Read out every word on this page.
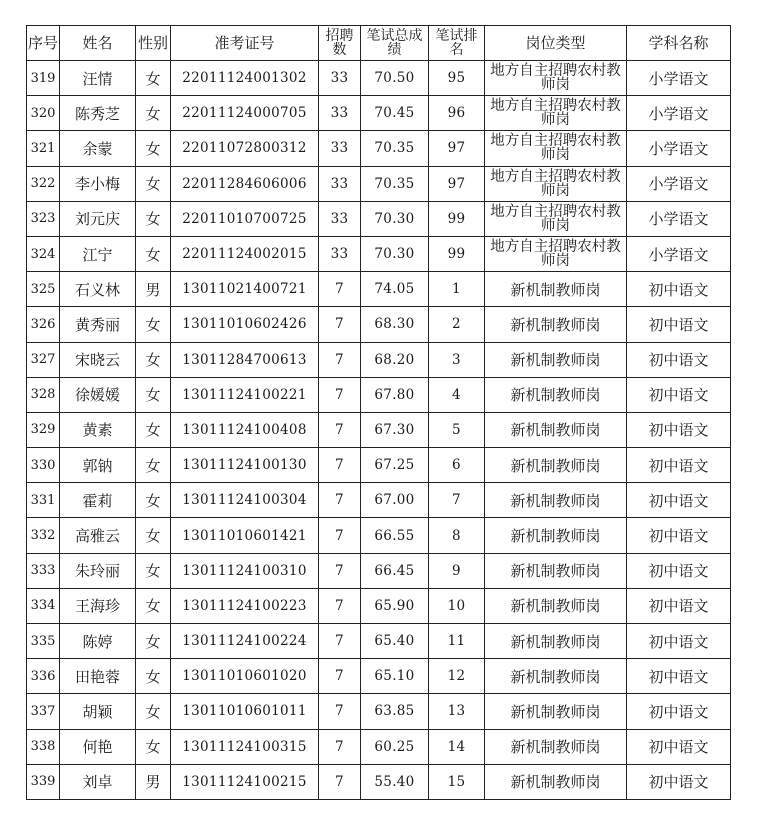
序号	姓名	性别	准考证号	招聘数	笔试总成绩	笔试排名	岗位类型	学科名称
319	汪情	女	22011124001302	33	70.50	95	地方自主招聘农村教师岗	小学语文
320	陈秀芝	女	22011124000705	33	70.45	96	地方自主招聘农村教师岗	小学语文
321	余蒙	女	22011072800312	33	70.35	97	地方自主招聘农村教师岗	小学语文
322	李小梅	女	22011284606006	33	70.35	97	地方自主招聘农村教师岗	小学语文
323	刘元庆	女	22011010700725	33	70.30	99	地方自主招聘农村教师岗	小学语文
324	江宁	女	22011124002015	33	70.30	99	地方自主招聘农村教师岗	小学语文
325	石义林	男	13011021400721	7	74.05	1	新机制教师岗	初中语文
326	黄秀丽	女	13011010602426	7	68.30	2	新机制教师岗	初中语文
327	宋晓云	女	13011284700613	7	68.20	3	新机制教师岗	初中语文
328	徐媛媛	女	13011124100221	7	67.80	4	新机制教师岗	初中语文
329	黄素	女	13011124100408	7	67.30	5	新机制教师岗	初中语文
330	郭钠	女	13011124100130	7	67.25	6	新机制教师岗	初中语文
331	霍莉	女	13011124100304	7	67.00	7	新机制教师岗	初中语文
332	高雅云	女	13011010601421	7	66.55	8	新机制教师岗	初中语文
333	朱玲丽	女	13011124100310	7	66.45	9	新机制教师岗	初中语文
334	王海珍	女	13011124100223	7	65.90	10	新机制教师岗	初中语文
335	陈婷	女	13011124100224	7	65.40	11	新机制教师岗	初中语文
336	田艳蓉	女	13011010601020	7	65.10	12	新机制教师岗	初中语文
337	胡颖	女	13011010601011	7	63.85	13	新机制教师岗	初中语文
338	何艳	女	13011124100315	7	60.25	14	新机制教师岗	初中语文
339	刘卓	男	13011124100215	7	55.40	15	新机制教师岗	初中语文
